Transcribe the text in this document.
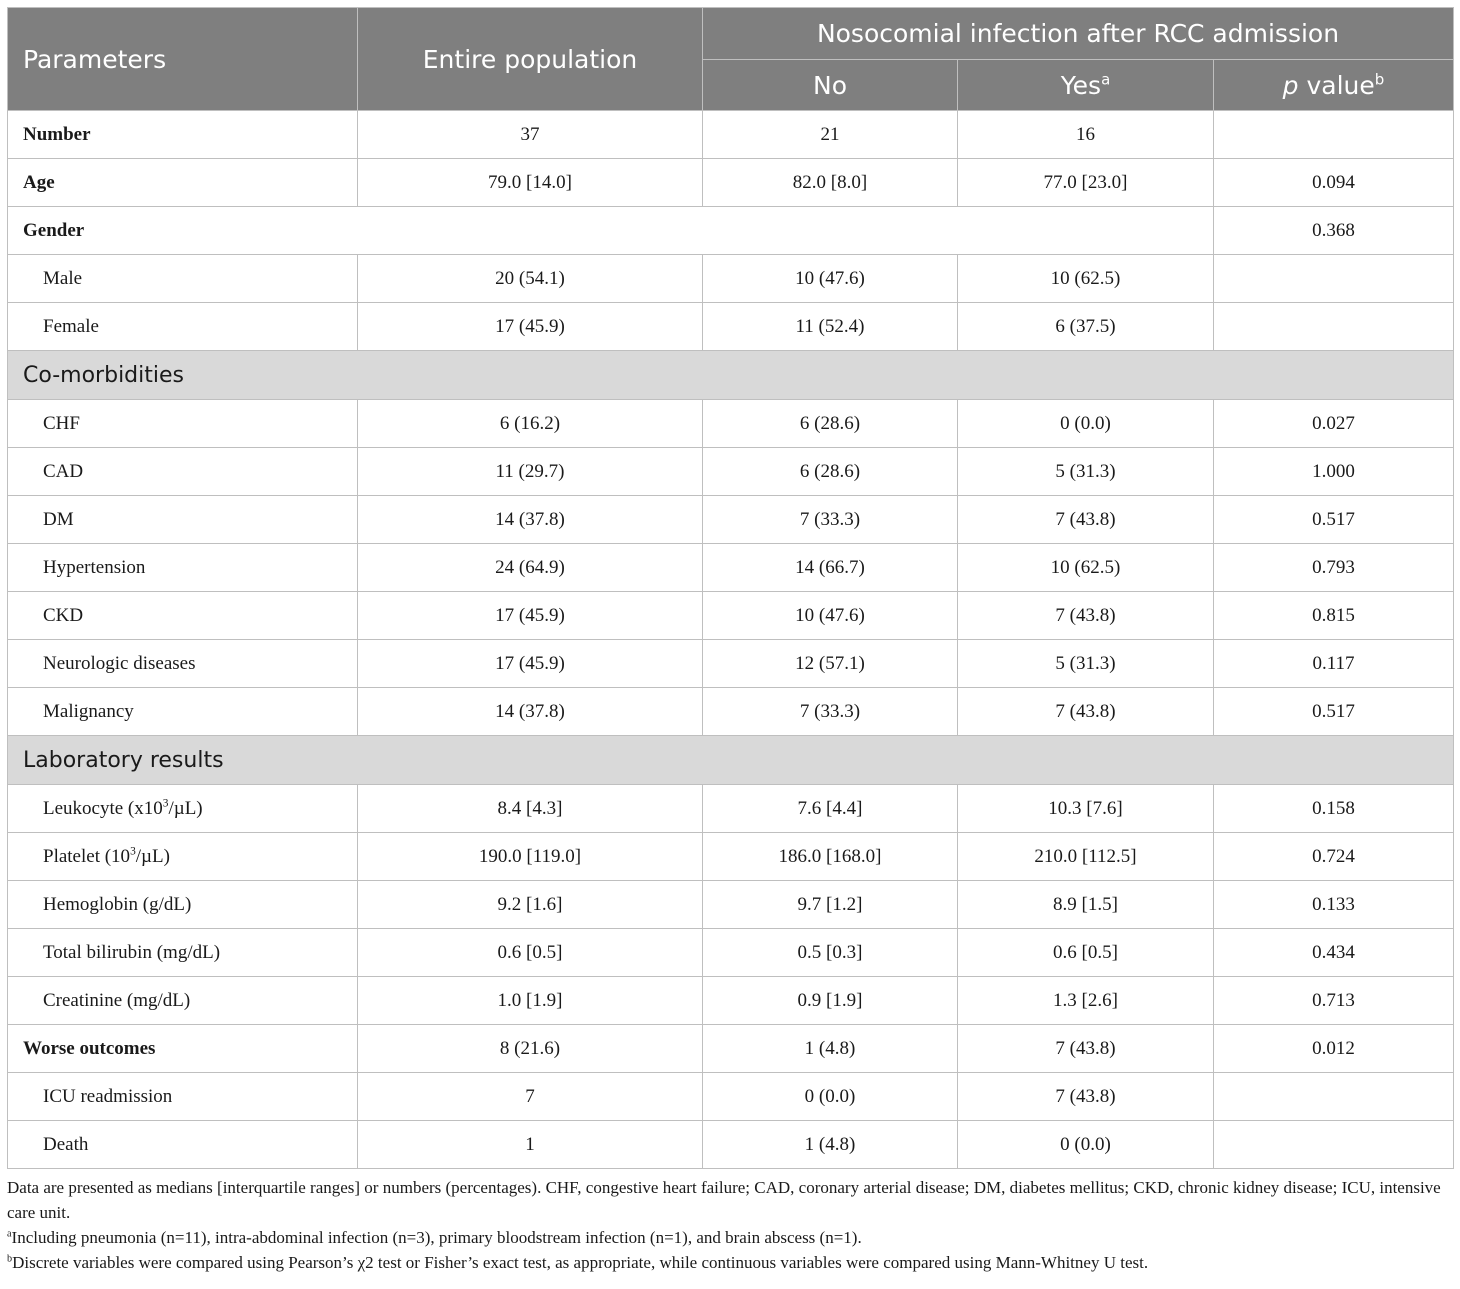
Parameters	Entire population	Nosocomial infection after RCC admission		
		No	Yes$^a$	p value$^b$
Number	37	21	16	
Age	79.0 [14.0]	82.0 [8.0]	77.0 [23.0]	0.094
Gender				0.368
Male	20 (54.1)	10 (47.6)	10 (62.5)	
Female	17 (45.9)	11 (52.4)	6 (37.5)	
Co-morbidities				
CHF	6 (16.2)	6 (28.6)	0 (0.0)	0.027
CAD	11 (29.7)	6 (28.6)	5 (31.3)	1.000
DM	14 (37.8)	7 (33.3)	7 (43.8)	0.517
Hypertension	24 (64.9)	14 (66.7)	10 (62.5)	0.793
CKD	17 (45.9)	10 (47.6)	7 (43.8)	0.815
Neurologic diseases	17 (45.9)	12 (57.1)	5 (31.3)	0.117
Malignancy	14 (37.8)	7 (33.3)	7 (43.8)	0.517
Laboratory results				
Leukocyte $(x10^3/\mu L)$	8.4 [4.3]	7.6 [4.4]	10.3 [7.6]	0.158
Platelet $(10^3/\mu L)$	190.0 [119.0]	186.0 [168.0]	210.0 [112.5]	0.724
Hemoglobin (g/dL)	9.2 [1.6]	9.7 [1.2]	8.9 [1.5]	0.133
Total bilirubin (mg/dL)	0.6 [0.5]	0.5 [0.3]	0.6 [0.5]	0.434
Creatinine (mg/dL)	1.0 [1.9]	0.9 [1.9]	1.3 [2.6]	0.713
Worse outcomes	8 (21.6)	1 (4.8)	7 (43.8)	0.012
ICU readmission	7	0 (0.0)	7 (43.8)	
Death	1	1 (4.8)	0 (0.0)	

Data are presented as medians [interquartile ranges] or numbers (percentages). CHF, congestive heart failure; CAD, coronary arterial disease; DM, diabetes mellitus; CKD, chronic kidney disease; ICU, intensive care unit.

$^a$Including pneumonia (n=11), intra-abdominal infection (n=3), primary bloodstream infection (n=1), and brain abscess (n=1).

$^b$Discrete variables were compared using Pearson’s χ2 test or Fisher’s exact test, as appropriate, while continuous variables were compared using Mann-Whitney U test.
